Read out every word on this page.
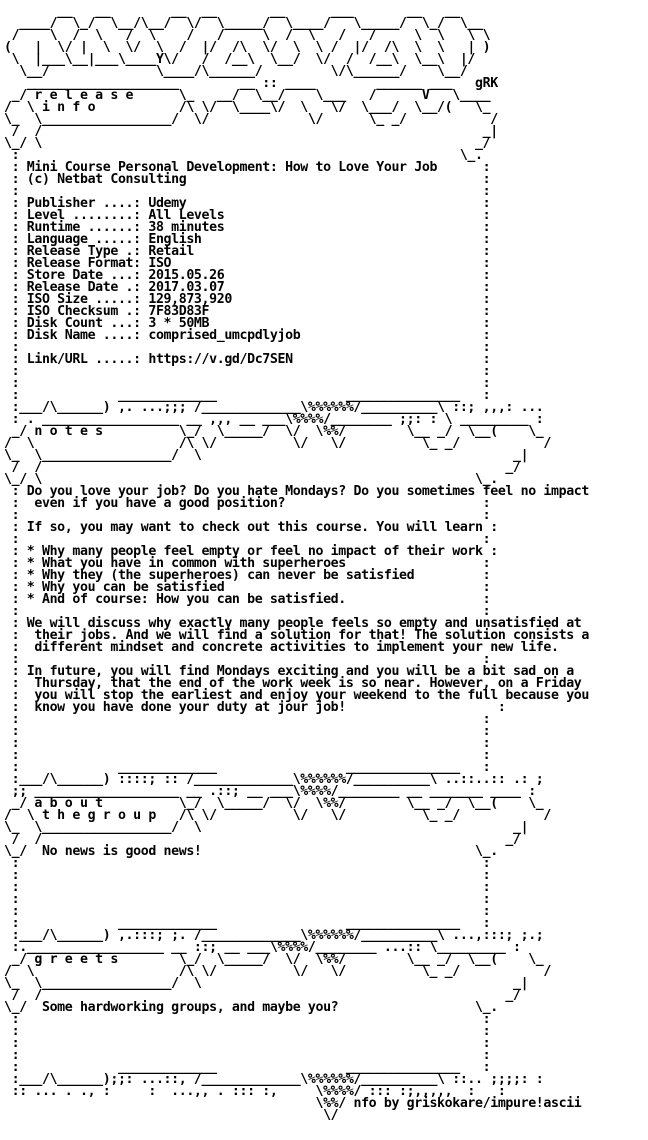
__   __        __  __       __      ___       __   __
____/  \_/  \__/\__/  \/  \_____/  \____/   \_____/  \_/  \__
/    \  /  \   /  \    /   /     \  /  \   /   /     \  \   \ \
(   |  \/ |  \  \/  \  /  |/  /\  \/  \  \ /  |/  /\  \  \   | )
\  |___\__|___\____Y\/   /  /__\  \__/  \/  /  /__\  \__\  |/
\__/              \____/\______/         \/\______/    \__/
____________________        __ :: ____        ______ ___   gRK
_/ r e l e a s e      \_   __/  \__/    \___   /      V   \____
/  \ i n f o           /\ \/  \____\/  \   \/  \___/  \__/(   \_
\_  \_________________/  \/             \/      \_ _/           /
/  /                                                          _|
\_/ \                                                         _/
:                                                          \_.
: Mini Course Personal Development: How to Love Your Job      :
: (c) Netbat Consulting                                       :
:                                                             :
: Publisher ....: Udemy                                       :
: Level ........: All Levels                                  :
: Runtime ......: 38 minutes                                  :
: Language .....: English                                     :
: Release Type .: Retail                                      :
: Release Format: ISO                                         :
: Store Date ...: 2015.05.26                                  :
: Release Date .: 2017.03.07                                  :
: ISO Size .....: 129,873,920                                 :
: ISO Checksum .: 7F83D83F                                    :
: Disk Count ...: 3 * 50MB                                    :
: Disk Name ....: comprised_umcpdlyjob                        :
:                                                             :
: Link/URL .....: https://v.gd/Dc7SEN                         :
:                                                             :
:                                                             :
:             _____________                 _______________   :
:___/\______) ,. ...;;; /_____________\%%%%%%/__________\ ::; ,,,: ...
: . __________________ __ ,,, __ ___\%%%%/________ ;;: : \ _________ :
_/ n o t e s          \_/  \_____/  \/  \%%/        \__ _/  \__(    \_
/  \                   /\ \/          \/   \/          \_ _/           /
\_  \_________________/  \                                         _|
/  /                                                             _/
\_/ \                                                         \_.
: Do you love your job? Do you hate Mondays? Do you sometimes feel no impact
:  even if you have a good position?                          :
:                                                             :
: If so, you may want to check out this course. You will learn :
:                                                             :
: * Why many people feel empty or feel no impact of their work :
: * What you have in common with superheroes                  :
: * Why they (the superheroes) can never be satisfied         :
: * Why you can be satisfied                                  :
: * And of course: How you can be satisfied.                  :
:                                                             :
: We will discuss why exactly many people feels so empty and unsatisfied at
:  their jobs. And we will find a solution for that! The solution consists a
:  different mindset and concrete activities to implement your new life.
:                                                             :
: In future, you will find Mondays exciting and you will be a bit sad on a
:  Thursday, that the end of the work week is so near. However, on a Friday
:  you will stop the earliest and enjoy your weekend to the full because you
:  know you have done your duty at jour job!                    :
:                                                             :
:                                                             :
:                                                             :
:                                                             :
:             _____________                 _______________   :
:___/\______) ::::; :: /_____________\%%%%%%/__________\ ..::..:: .: ;
;; ___________________ __ .::; __ ___\%%%%/________ __ _______ ____ :
_/ a b o u t          \_/  \_____/  \/  \%%/        \__ _/  \__(    \_
/  \ t h e g r o u p   /\ \/          \/   \/          \_ _/           /
\_  \_________________/  \                                         _|
/  /                                                             _/
\_/  No news is good news!                                    \_.
:                                                             :
:                                                             :
:                                                             :
:                                                             :
:                                                             :
:             _____________                 _______________   :
:___/\______) ,.:::; ;. /_____________\%%%%%%/__________\ ...,:::; ;.;
:.__________________ __ ::; __ ___\%%%%/________ ...:: \_________ :
_/ g r e e t s        \_/  \_____/  \/  \%%/        \__ _/  \__(    \_
/  \                   /\ \/          \/   \/          \_ _/           /
\_  \_________________/  \                                         _|
/  /                                                             _/
\_/  Some hardworking groups, and maybe you?                  \_.
:                                                             :
:                                                             :
:                                                             :
:                                                             :
:             _____________                 _______________   :
:___/\______);;: ...::, /_____________\%%%%%%/__________\ ::.. ;;;;: :
:: ... . ., :     :  ...,, . ::: :,     \%%%%/ ::: :;,,,,,  :   :
\%%/ nfo by griskokare/impure!ascii
\/
